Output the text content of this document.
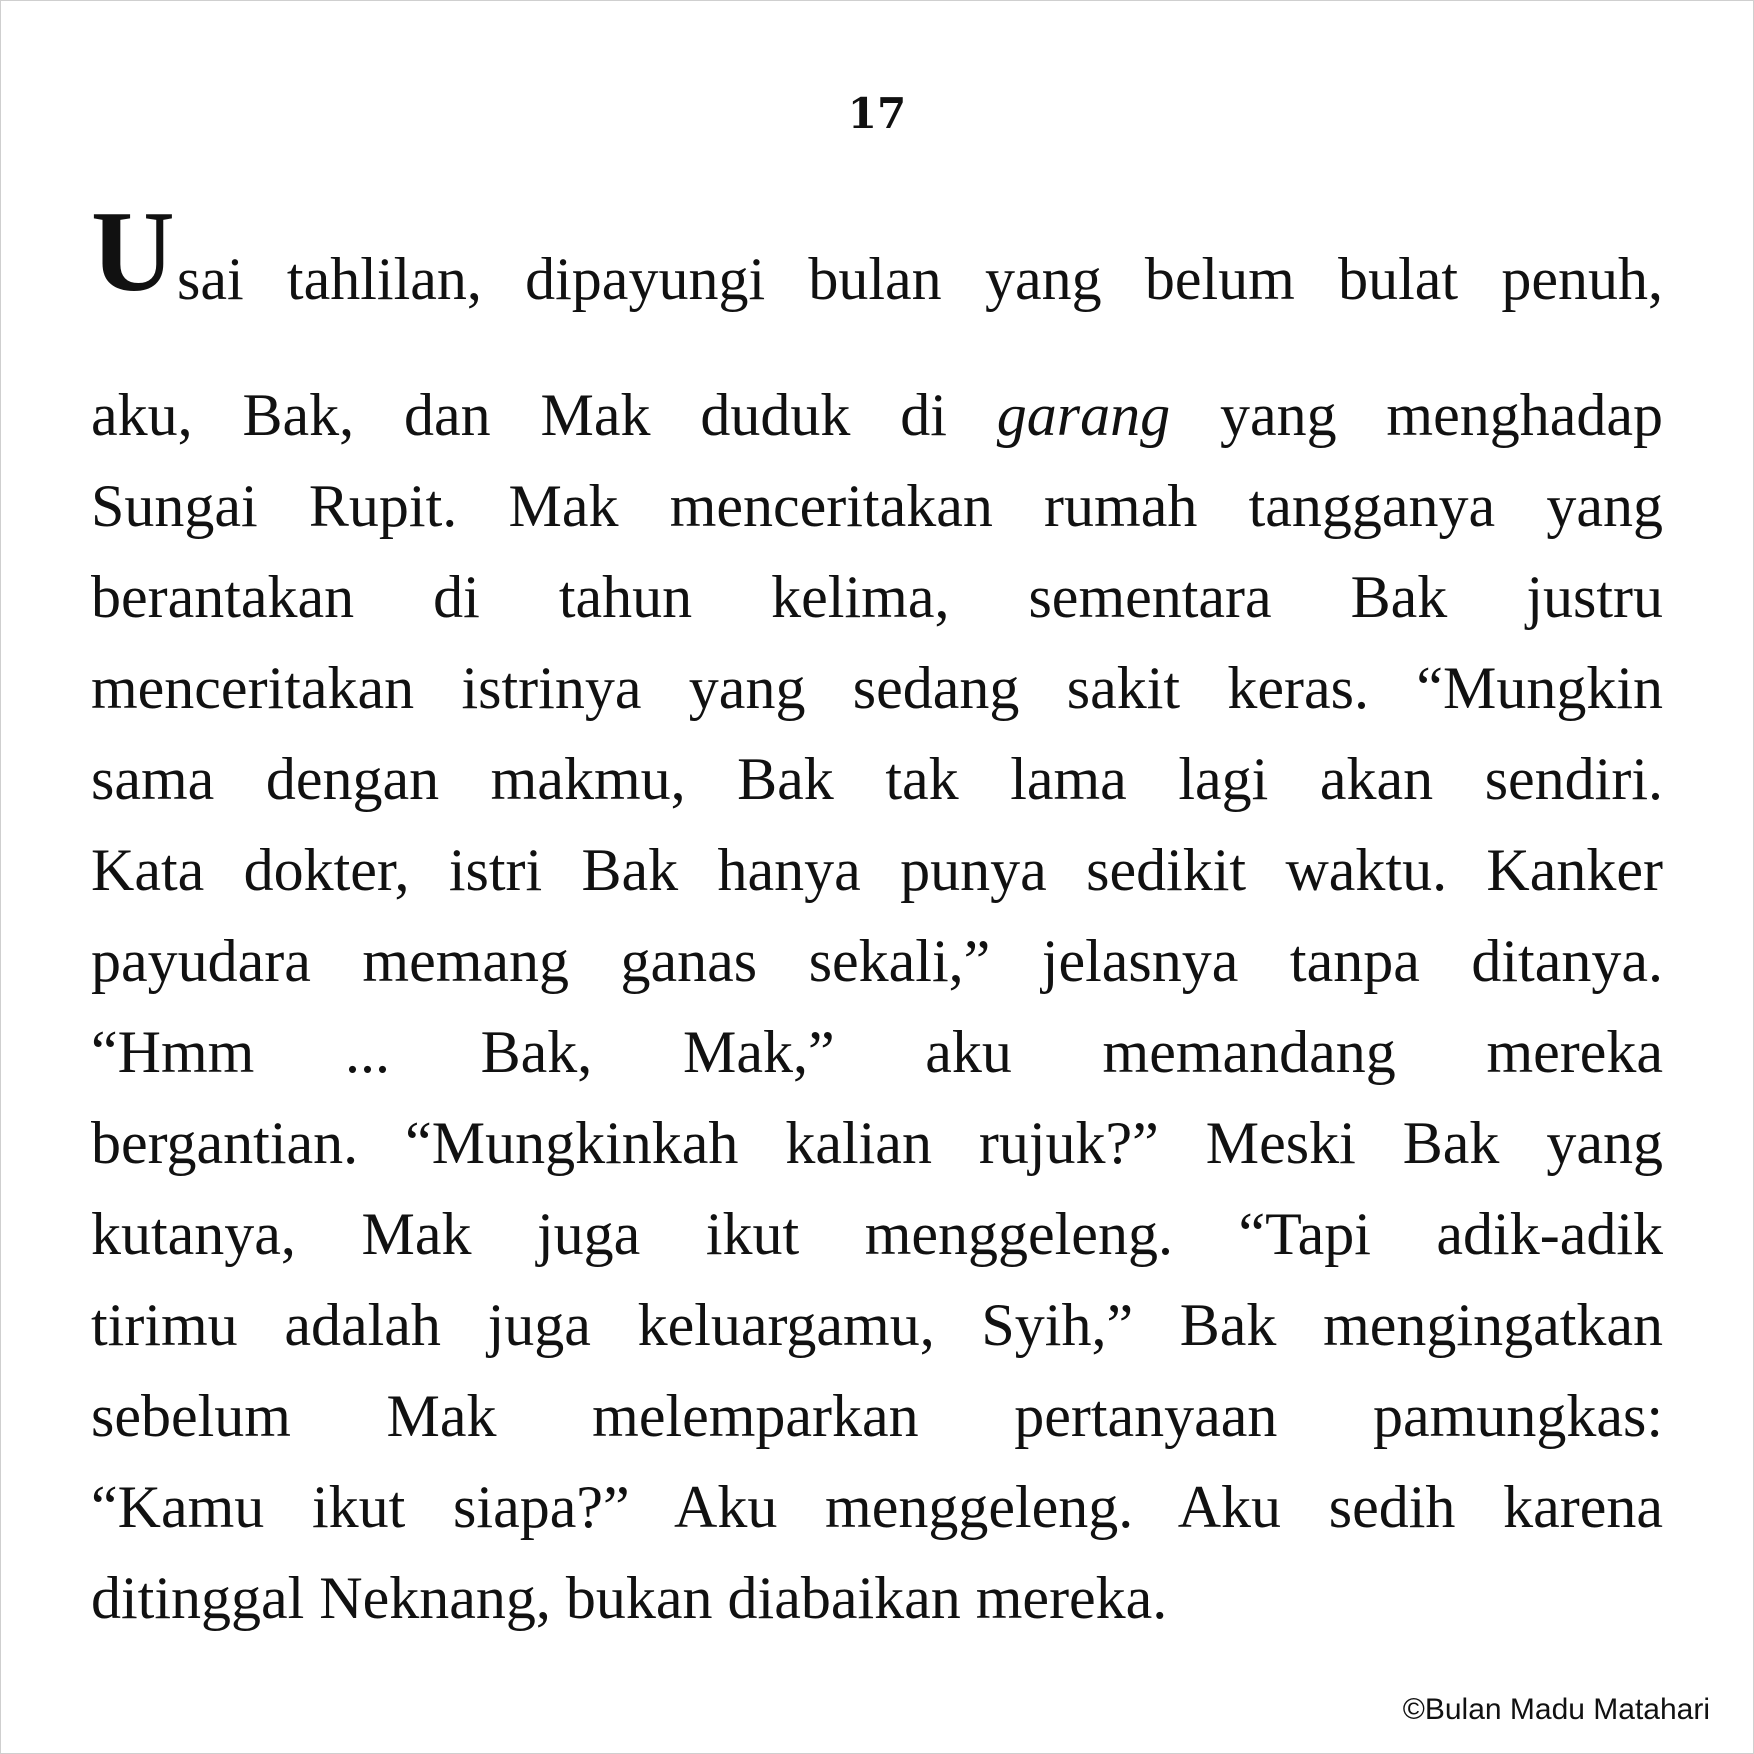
17
U sai tahlilan, dipayungi bulan yang belum bulat penuh,
aku, Bak, dan Mak duduk di garang yang menghadap
Sungai Rupit. Mak menceritakan rumah tangganya yang
berantakan di tahun kelima, sementara Bak justru
menceritakan istrinya yang sedang sakit keras. “Mungkin
sama dengan makmu, Bak tak lama lagi akan sendiri.
Kata dokter, istri Bak hanya punya sedikit waktu. Kanker
payudara memang ganas sekali,” jelasnya tanpa ditanya.
“Hmm ... Bak, Mak,” aku memandang mereka
bergantian. “Mungkinkah kalian rujuk?” Meski Bak yang
kutanya, Mak juga ikut menggeleng. “Tapi adik-adik
tirimu adalah juga keluargamu, Syih,” Bak mengingatkan
sebelum Mak melemparkan pertanyaan pamungkas:
“Kamu ikut siapa?” Aku menggeleng. Aku sedih karena
ditinggal Neknang, bukan diabaikan mereka.
©Bulan Madu Matahari
